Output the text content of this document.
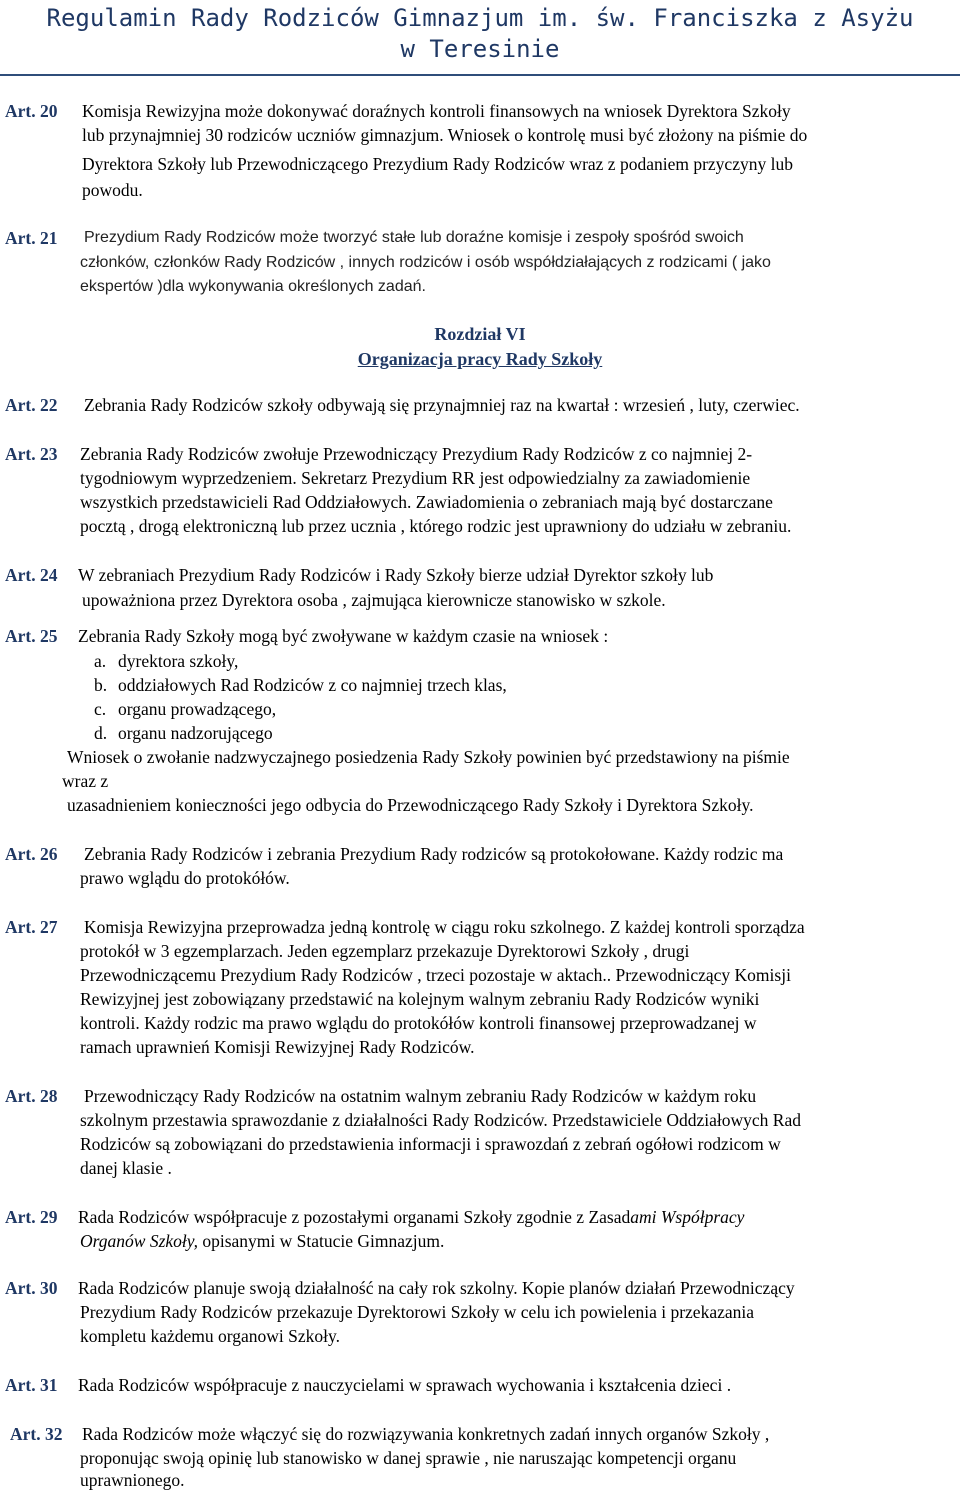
Regulamin Rady Rodziców Gimnazjum im. św. Franciszka z Asyżu
w Teresinie
Art. 20 Komisja Rewizyjna może dokonywać doraźnych kontroli finansowych na wniosek Dyrektora Szkoły
lub przynajmniej 30 rodziców uczniów gimnazjum. Wniosek o kontrolę musi być złożony na piśmie do
Dyrektora Szkoły lub Przewodniczącego Prezydium Rady Rodziców wraz z podaniem przyczyny lub
powodu.
Art. 21 Prezydium Rady Rodziców może tworzyć stałe lub doraźne komisje i zespoły spośród swoich
członków, członków Rady Rodziców , innych rodziców i osób współdziałających z rodzicami ( jako
ekspertów )dla wykonywania określonych zadań.
Rozdział VI
Organizacja pracy Rady Szkoły
Art. 22 Zebrania Rady Rodziców szkoły odbywają się przynajmniej raz na kwartał : wrzesień , luty, czerwiec.
Art. 23 Zebrania Rady Rodziców zwołuje Przewodniczący Prezydium Rady Rodziców z co najmniej 2-
tygodniowym wyprzedzeniem. Sekretarz Prezydium RR jest odpowiedzialny za zawiadomienie
wszystkich przedstawicieli Rad Oddziałowych. Zawiadomienia o zebraniach mają być dostarczane
pocztą , drogą elektroniczną lub przez ucznia , którego rodzic jest uprawniony do udziału w zebraniu.
Art. 24 W zebraniach Prezydium Rady Rodziców i Rady Szkoły bierze udział Dyrektor szkoły lub
upoważniona przez Dyrektora osoba , zajmująca kierownicze stanowisko w szkole.
Art. 25 Zebrania Rady Szkoły mogą być zwoływane w każdym czasie na wniosek :
a. dyrektora szkoły,
b. oddziałowych Rad Rodziców z co najmniej trzech klas,
c. organu prowadzącego,
d. organu nadzorującego
Wniosek o zwołanie nadzwyczajnego posiedzenia Rady Szkoły powinien być przedstawiony na piśmie
wraz z
uzasadnieniem konieczności jego odbycia do Przewodniczącego Rady Szkoły i Dyrektora Szkoły.
Art. 26 Zebrania Rady Rodziców i zebrania Prezydium Rady rodziców są protokołowane. Każdy rodzic ma
prawo wglądu do protokółów.
Art. 27 Komisja Rewizyjna przeprowadza jedną kontrolę w ciągu roku szkolnego. Z każdej kontroli sporządza
protokół w 3 egzemplarzach. Jeden egzemplarz przekazuje Dyrektorowi Szkoły , drugi
Przewodniczącemu Prezydium Rady Rodziców , trzeci pozostaje w aktach.. Przewodniczący Komisji
Rewizyjnej jest zobowiązany przedstawić na kolejnym walnym zebraniu Rady Rodziców wyniki
kontroli. Każdy rodzic ma prawo wglądu do protokółów kontroli finansowej przeprowadzanej w
ramach uprawnień Komisji Rewizyjnej Rady Rodziców.
Art. 28 Przewodniczący Rady Rodziców na ostatnim walnym zebraniu Rady Rodziców w każdym roku
szkolnym przestawia sprawozdanie z działalności Rady Rodziców. Przedstawiciele Oddziałowych Rad
Rodziców są zobowiązani do przedstawienia informacji i sprawozdań z zebrań ogółowi rodzicom w
danej klasie .
Art. 29 Rada Rodziców współpracuje z pozostałymi organami Szkoły zgodnie z Zasadami Współpracy
Organów Szkoły, opisanymi w Statucie Gimnazjum.
Art. 30 Rada Rodziców planuje swoją działalność na cały rok szkolny. Kopie planów działań Przewodniczący
Prezydium Rady Rodziców przekazuje Dyrektorowi Szkoły w celu ich powielenia i przekazania
kompletu każdemu organowi Szkoły.
Art. 31 Rada Rodziców współpracuje z nauczycielami w sprawach wychowania i kształcenia dzieci .
Art. 32 Rada Rodziców może włączyć się do rozwiązywania konkretnych zadań innych organów Szkoły ,
proponując swoją opinię lub stanowisko w danej sprawie , nie naruszając kompetencji organu
uprawnionego.
